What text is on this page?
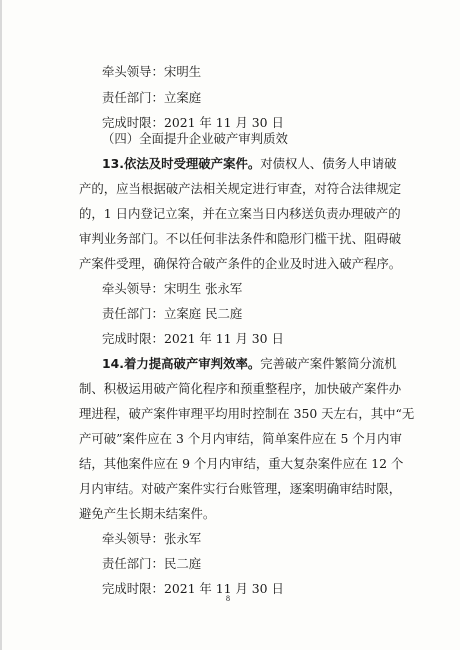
牵头领导：宋明生
责任部门：立案庭
完成时限：2021 年 11 月 30 日
（四）全面提升企业破产审判质效
13.依法及时受理破产案件。对债权人、债务人申请破
产的，应当根据破产法相关规定进行审查，对符合法律规定
的，1 日内登记立案，并在立案当日内移送负责办理破产的
审判业务部门。不以任何非法条件和隐形门槛干扰、阻碍破
产案件受理，确保符合破产条件的企业及时进入破产程序。
牵头领导：宋明生 张永军
责任部门：立案庭 民二庭
完成时限：2021 年 11 月 30 日
14.着力提高破产审判效率。完善破产案件繁简分流机
制、积极运用破产简化程序和预重整程序，加快破产案件办
理进程，破产案件审理平均用时控制在 350 天左右，其中“无
产可破”案件应在 3 个月内审结，简单案件应在 5 个月内审
结，其他案件应在 9 个月内审结，重大复杂案件应在 12 个
月内审结。对破产案件实行台账管理，逐案明确审结时限，
避免产生长期未结案件。
牵头领导：张永军
责任部门：民二庭
完成时限：2021 年 11 月 30 日
8
